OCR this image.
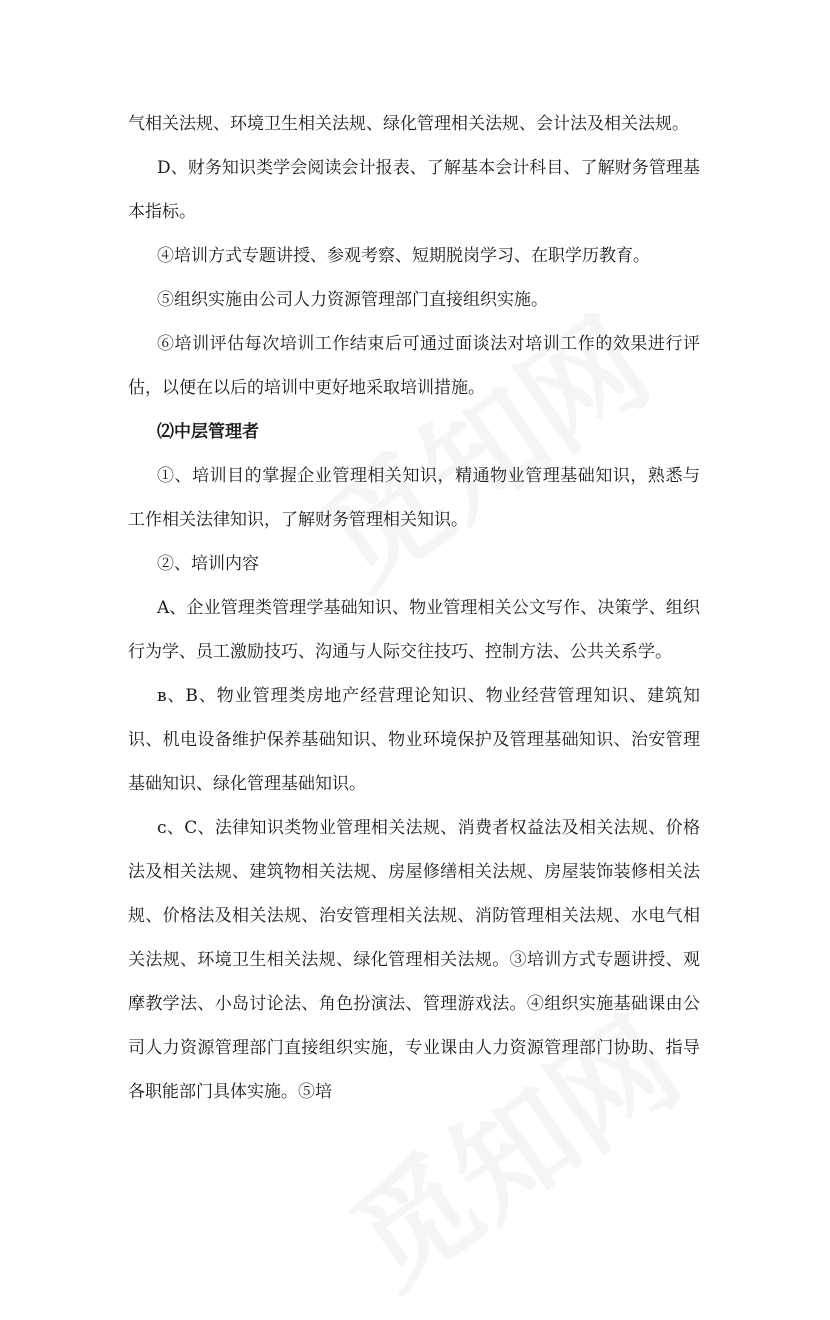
气相关法规、环境卫生相关法规、绿化管理相关法规、会计法及相关法规。

D、财务知识类学会阅读会计报表、了解基本会计科目、了解财务管理基本指标。

④培训方式专题讲授、参观考察、短期脱岗学习、在职学历教育。

⑤组织实施由公司人力资源管理部门直接组织实施。

⑥培训评估每次培训工作结束后可通过面谈法对培训工作的效果进行评估，以便在以后的培训中更好地采取培训措施。

⑵中层管理者

①、培训目的掌握企业管理相关知识，精通物业管理基础知识，熟悉与工作相关法律知识，了解财务管理相关知识。

②、培训内容

A、企业管理类管理学基础知识、物业管理相关公文写作、决策学、组织行为学、员工激励技巧、沟通与人际交往技巧、控制方法、公共关系学。

ʙ、B、物业管理类房地产经营理论知识、物业经营管理知识、建筑知识、机电设备维护保养基础知识、物业环境保护及管理基础知识、治安管理基础知识、绿化管理基础知识。

ᴄ、C、法律知识类物业管理相关法规、消费者权益法及相关法规、价格法及相关法规、建筑物相关法规、房屋修缮相关法规、房屋装饰装修相关法规、价格法及相关法规、治安管理相关法规、消防管理相关法规、水电气相关法规、环境卫生相关法规、绿化管理相关法规。③培训方式专题讲授、观摩教学法、小岛讨论法、角色扮演法、管理游戏法。④组织实施基础课由公司人力资源管理部门直接组织实施，专业课由人力资源管理部门协助、指导各职能部门具体实施。⑤培
